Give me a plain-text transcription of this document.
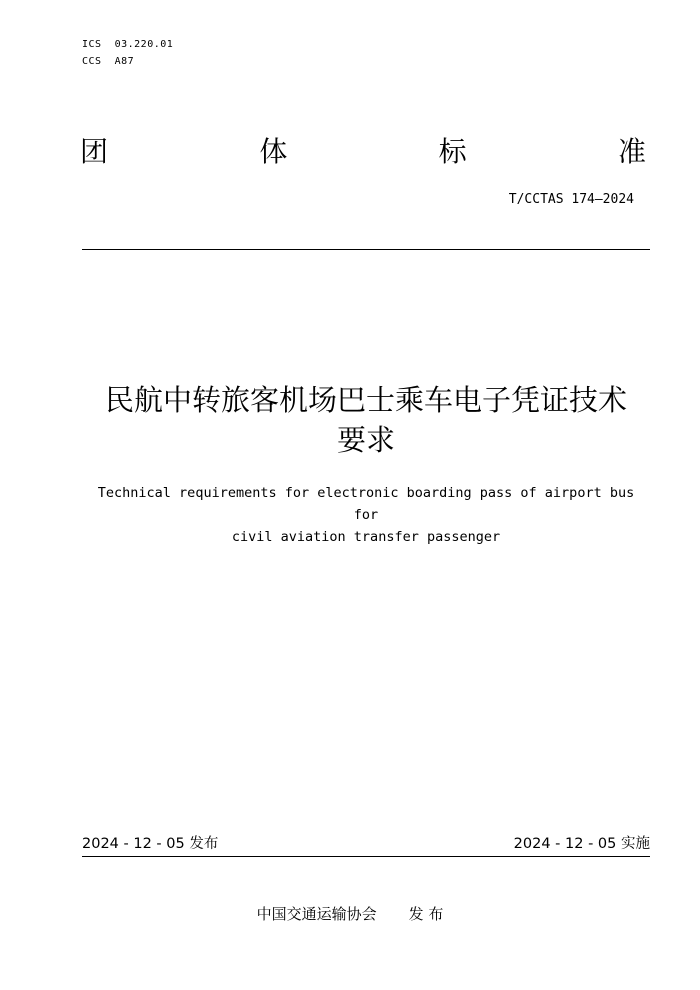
ICS  03.220.01
CCS  A87
团	体	标	准
T/CCTAS 174—2024
民航中转旅客机场巴士乘车电子凭证技术
要求
Technical requirements for electronic boarding pass of airport bus for
civil aviation transfer passenger
2024 - 12 - 05 发布	2024 - 12 - 05 实施
中国交通运输协会 发 布
